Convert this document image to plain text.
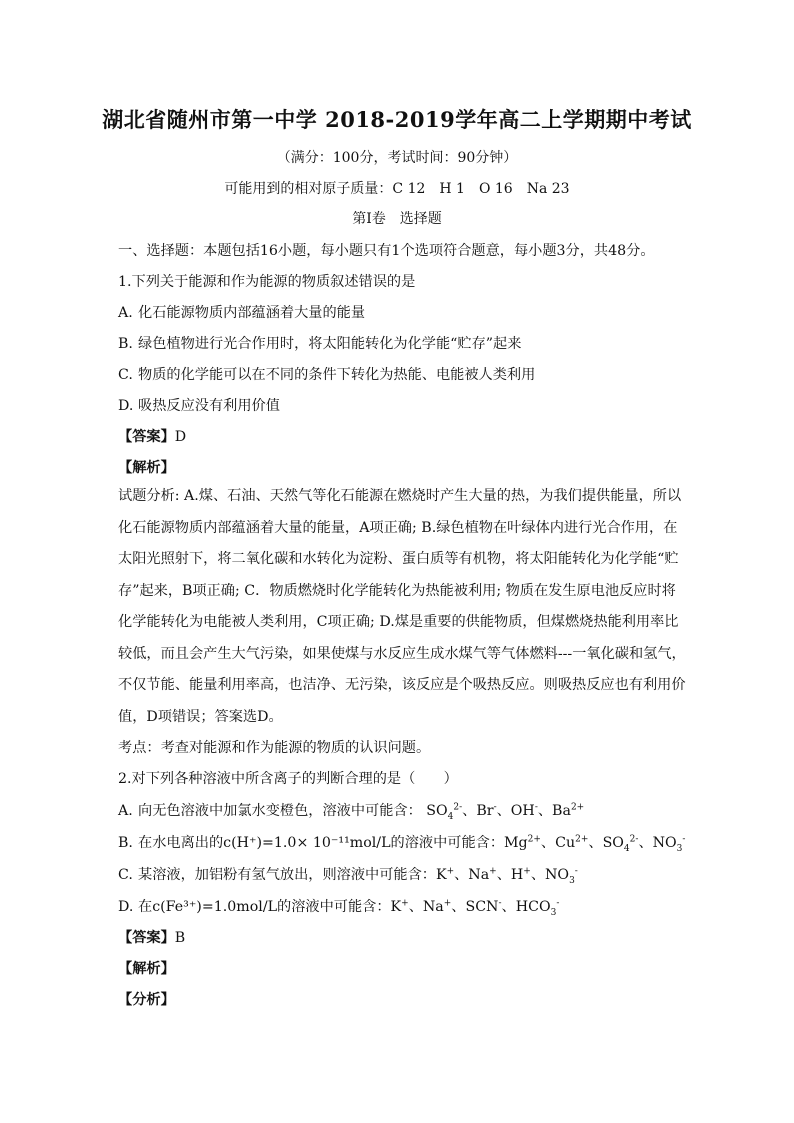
湖北省随州市第一中学 2018-2019学年高二上学期期中考试
（满分：100分，考试时间：90分钟）
可能用到的相对原子质量：C 12　H 1　O 16　Na 23
第Ⅰ卷　选择题
一、选择题：本题包括16小题，每小题只有1个选项符合题意，每小题3分，共48分。
1.下列关于能源和作为能源的物质叙述错误的是
A. 化石能源物质内部蕴涵着大量的能量
B. 绿色植物进行光合作用时，将太阳能转化为化学能“贮存”起来
C. 物质的化学能可以在不同的条件下转化为热能、电能被人类利用
D. 吸热反应没有利用价值
【答案】D
【解析】
试题分析: A.煤、石油、天然气等化石能源在燃烧时产生大量的热，为我们提供能量，所以
化石能源物质内部蕴涵着大量的能量，A项正确; B.绿色植物在叶绿体内进行光合作用，在
太阳光照射下，将二氧化碳和水转化为淀粉、蛋白质等有机物，将太阳能转化为化学能“贮
存”起来，B项正确; C．物质燃烧时化学能转化为热能被利用; 物质在发生原电池反应时将
化学能转化为电能被人类利用，C项正确; D.煤是重要的供能物质，但煤燃烧热能利用率比
较低，而且会产生大气污染，如果使煤与水反应生成水煤气等气体燃料---一氧化碳和氢气，
不仅节能、能量利用率高，也洁净、无污染，该反应是个吸热反应。则吸热反应也有利用价
值，D项错误；答案选D。
考点：考查对能源和作为能源的物质的认识问题。
2.对下列各种溶液中所含离子的判断合理的是（　　）
A. 向无色溶液中加氯水变橙色，溶液中可能含： $SO_4^{2-}$、Br-、OH-、$Ba^{2+}$
B. 在水电离出的c(H⁺)=1.0× 10⁻¹¹mol/L的溶液中可能含：$Mg^{2+}$、$Cu^{2+}$、$SO_4^{2-}$、$NO_3^-$
C. 某溶液，加铝粉有氢气放出，则溶液中可能含：K+、Na+、H+、$NO_3^-$
D. 在c(Fe³⁺)=1.0mol/L的溶液中可能含：K+、Na+、SCN-、$HCO_3^-$
【答案】B
【解析】
【分析】
